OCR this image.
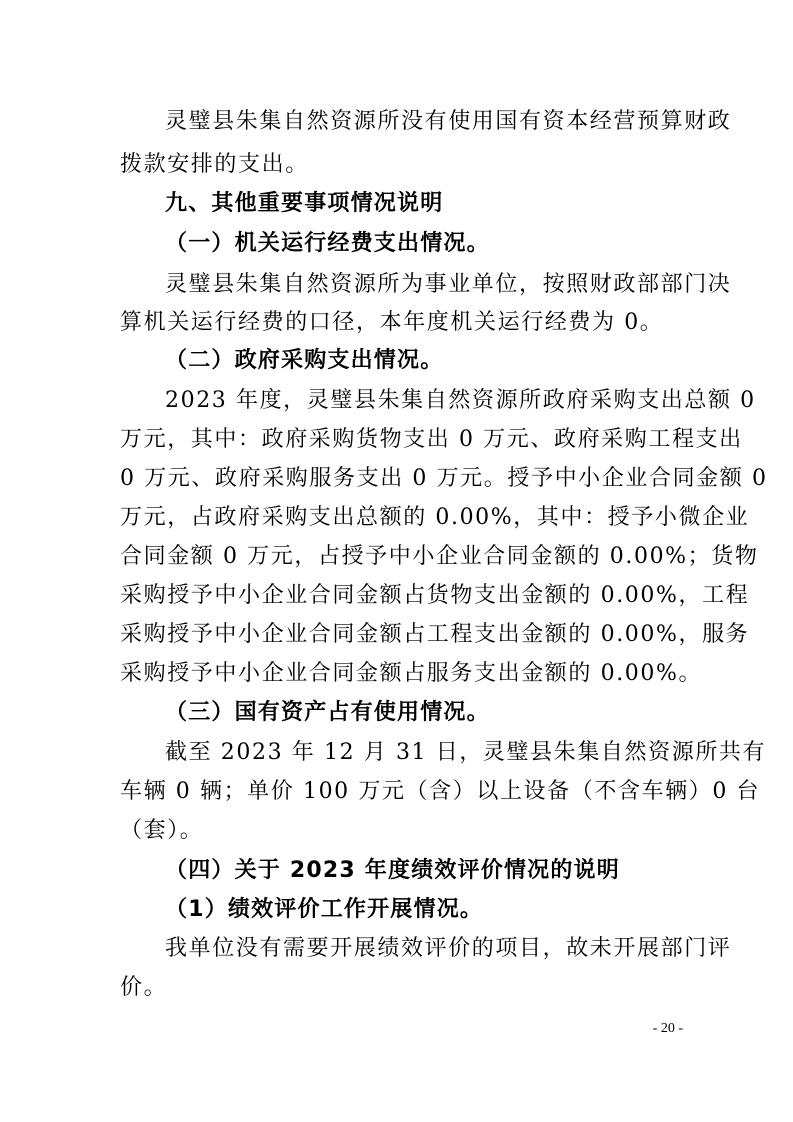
灵璧县朱集自然资源所没有使用国有资本经营预算财政
拨款安排的支出。
九、其他重要事项情况说明
（一）机关运行经费支出情况。
灵璧县朱集自然资源所为事业单位，按照财政部部门决
算机关运行经费的口径，本年度机关运行经费为 0。
（二）政府采购支出情况。
2023 年度，灵璧县朱集自然资源所政府采购支出总额 0
万元，其中：政府采购货物支出 0 万元、政府采购工程支出
0 万元、政府采购服务支出 0 万元。授予中小企业合同金额 0
万元，占政府采购支出总额的 0.00%，其中：授予小微企业
合同金额 0 万元，占授予中小企业合同金额的 0.00%；货物
采购授予中小企业合同金额占货物支出金额的 0.00%，工程
采购授予中小企业合同金额占工程支出金额的 0.00%，服务
采购授予中小企业合同金额占服务支出金额的 0.00%。
（三）国有资产占有使用情况。
截至 2023 年 12 月 31 日，灵璧县朱集自然资源所共有
车辆 0 辆；单价 100 万元（含）以上设备（不含车辆）0 台
（套）。
（四）关于 2023 年度绩效评价情况的说明
（1）绩效评价工作开展情况。
我单位没有需要开展绩效评价的项目，故未开展部门评
价。
- 20 -
